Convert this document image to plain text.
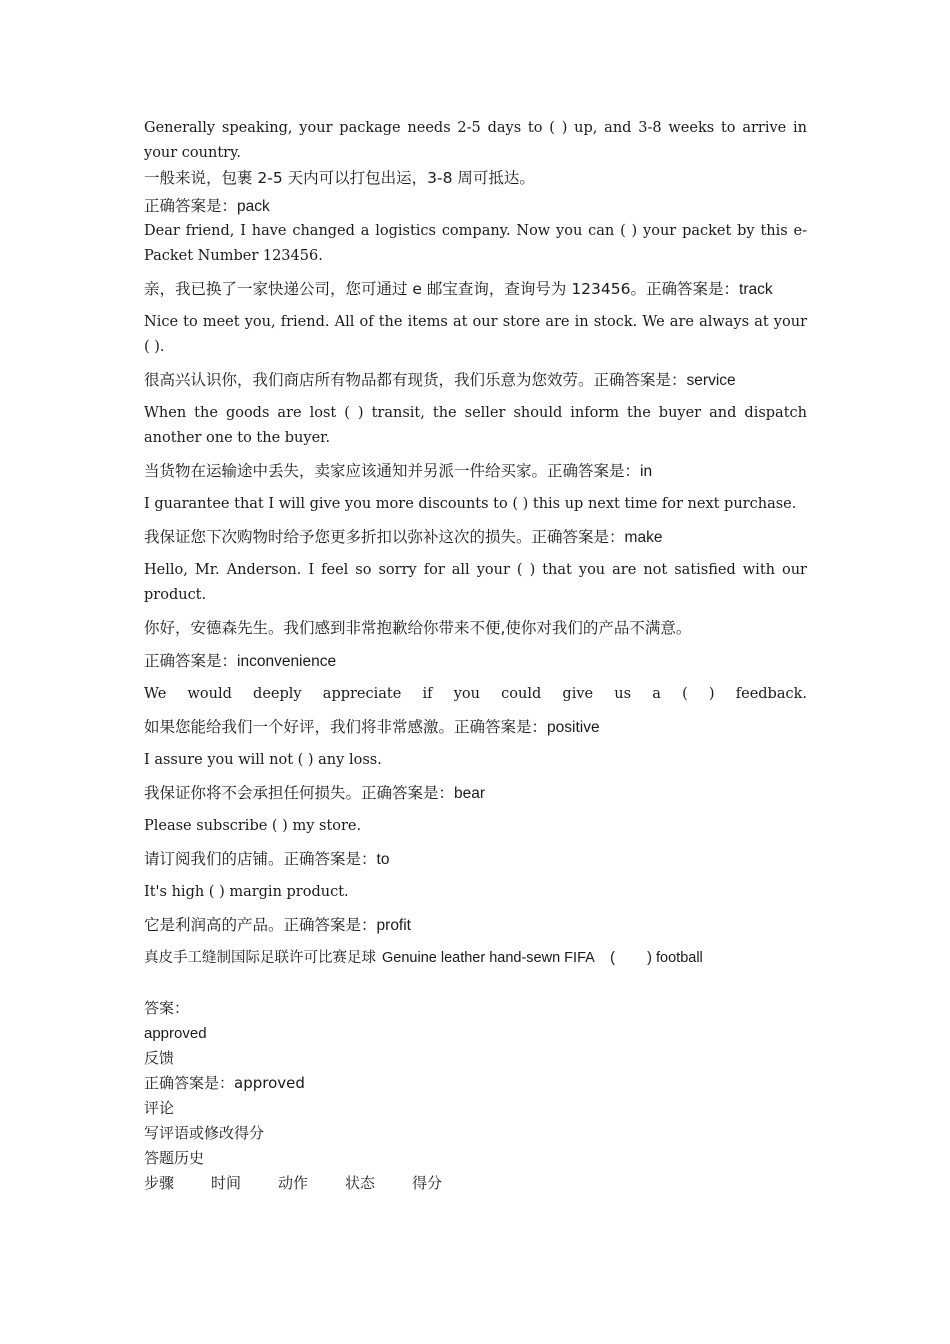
Generally speaking, your package needs 2-5 days to ( ) up, and 3-8 weeks to arrive in your country.

一般来说，包裹 2-5 天内可以打包出运，3-8 周可抵达。

正确答案是：pack

Dear friend, I have changed a logistics company. Now you can ( ) your packet by this e-Packet Number 123456.

亲，我已换了一家快递公司，您可通过 e 邮宝查询，查询号为 123456。正确答案是：track

Nice to meet you, friend. All of the items at our store are in stock. We are always at your ( ).

很高兴认识你，我们商店所有物品都有现货，我们乐意为您效劳。正确答案是：service

When the goods are lost ( ) transit, the seller should inform the buyer and dispatch another one to the buyer.

当货物在运输途中丢失，卖家应该通知并另派一件给买家。正确答案是：in

I guarantee that I will give you more discounts to ( ) this up next time for next purchase.

我保证您下次购物时给予您更多折扣以弥补这次的损失。正确答案是：make

Hello, Mr. Anderson. I feel so sorry for all your ( ) that you are not satisfied with our product.

你好，安德森先生。我们感到非常抱歉给你带来不便,使你对我们的产品不满意。

正确答案是：inconvenience

We would deeply appreciate if you could give us a ( ) feedback.

如果您能给我们一个好评，我们将非常感激。正确答案是：positive

I assure you will not ( ) any loss.

我保证你将不会承担任何损失。正确答案是：bear

Please subscribe ( ) my store.

请订阅我们的店铺。正确答案是：to

It's high ( ) margin product.

它是利润高的产品。正确答案是：profit

真皮手工缝制国际足联许可比赛足球 Genuine leather hand-sewn FIFA    (        ) football

答案：

approved

反馈

正确答案是：approved

评论

写评语或修改得分

答题历史

步骤 时间 动作 状态 得分
